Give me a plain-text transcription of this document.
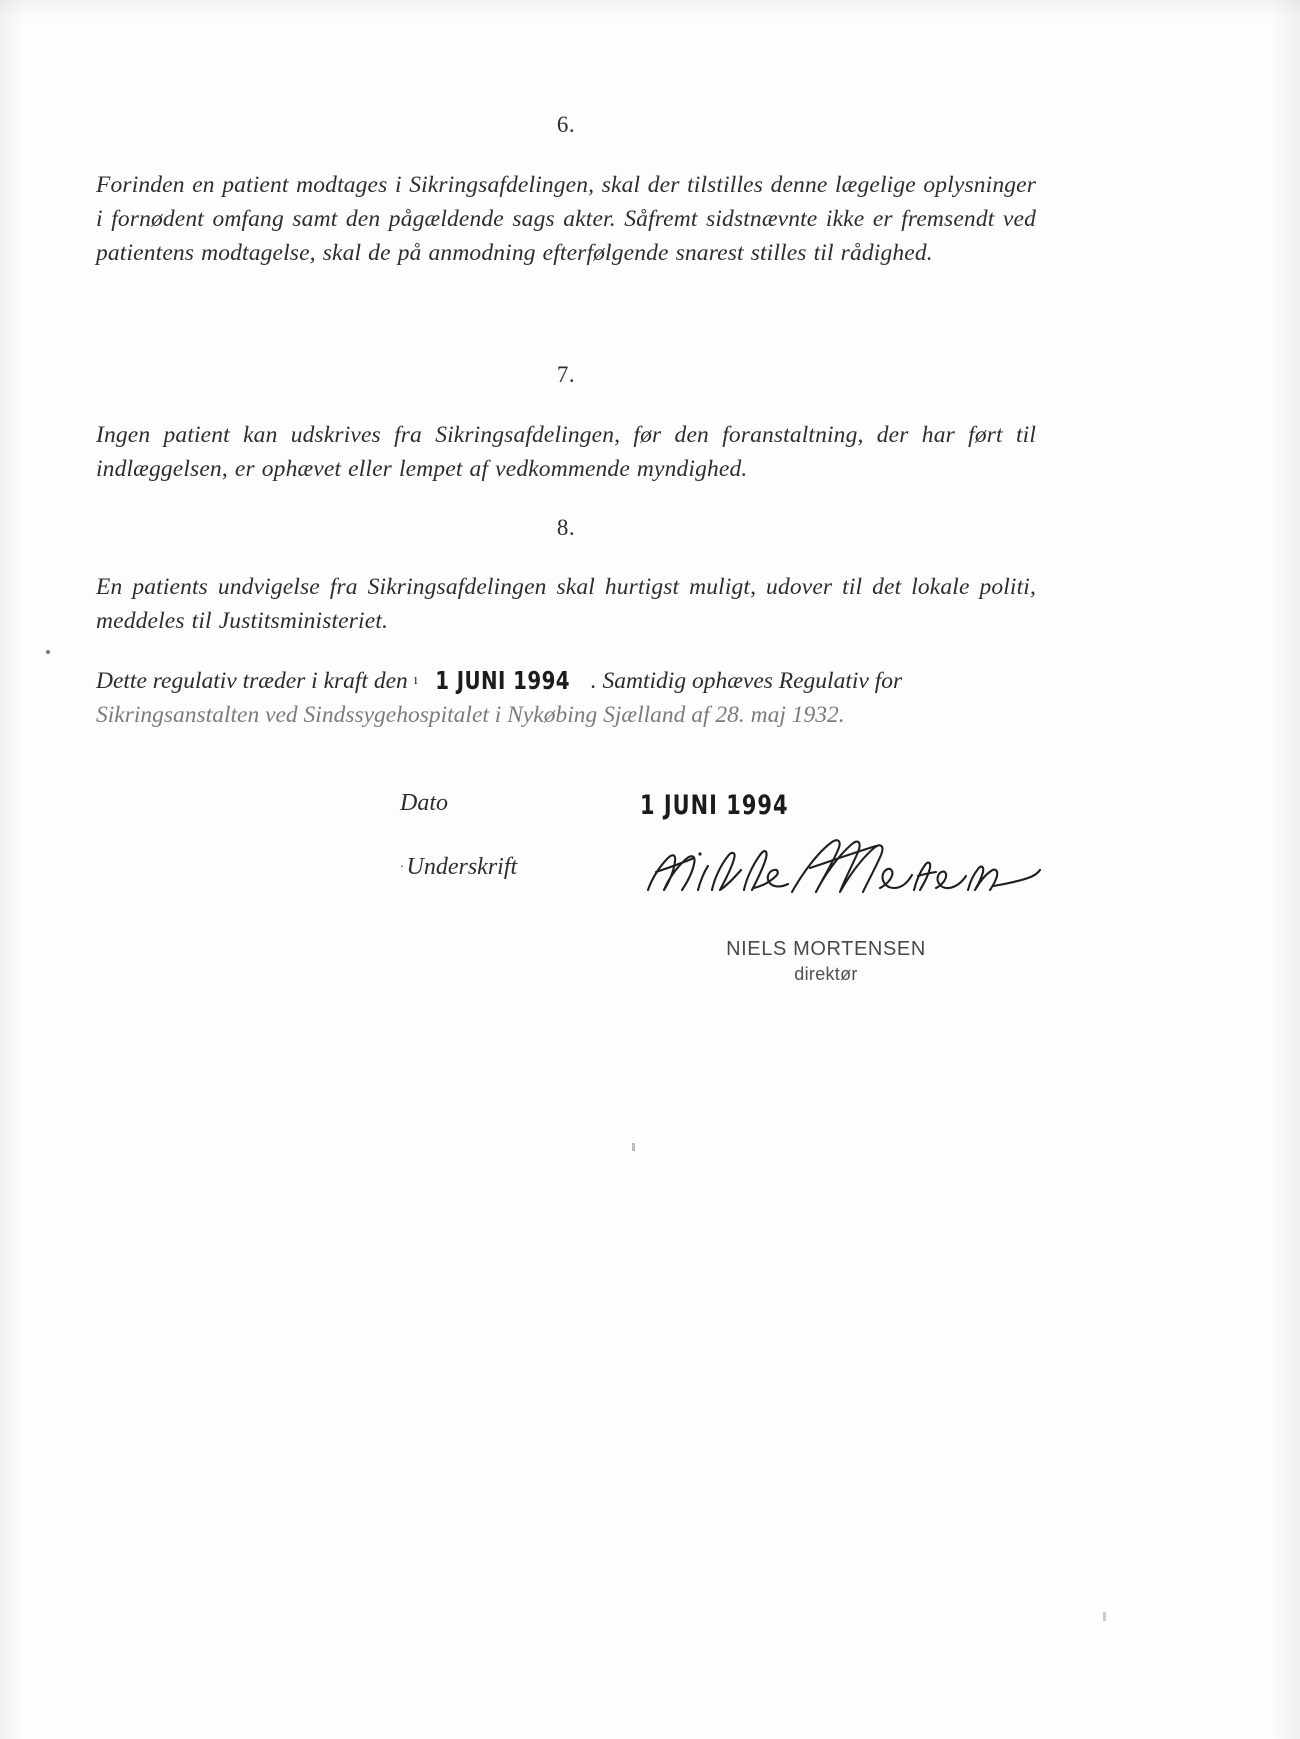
6.
Forinden en patient modtages i Sikringsafdelingen, skal der tilstilles denne lægelige oplysninger i fornødent omfang samt den pågældende sags akter. Såfremt sidstnævnte ikke er fremsendt ved patientens modtagelse, skal de på anmodning efterfølgende snarest stilles til rådighed.
7.
Ingen patient kan udskrives fra Sikringsafdelingen, før den foranstaltning, der har ført til indlæggelsen, er ophævet eller lempet af vedkommende myndighed.
8.
En patients undvigelse fra Sikringsafdelingen skal hurtigst muligt, udover til det lokale politi, meddeles til Justitsministeriet.
Dette regulativ træder i kraft den ı 1 JUNI 1994 . Samtidig ophæves Regulativ for
Sikringsanstalten ved Sindssygehospitalet i Nykøbing Sjælland af 28. maj 1932.
Dato	1 JUNI 1994
· Underskrift
NIELS MORTENSEN
direktør
